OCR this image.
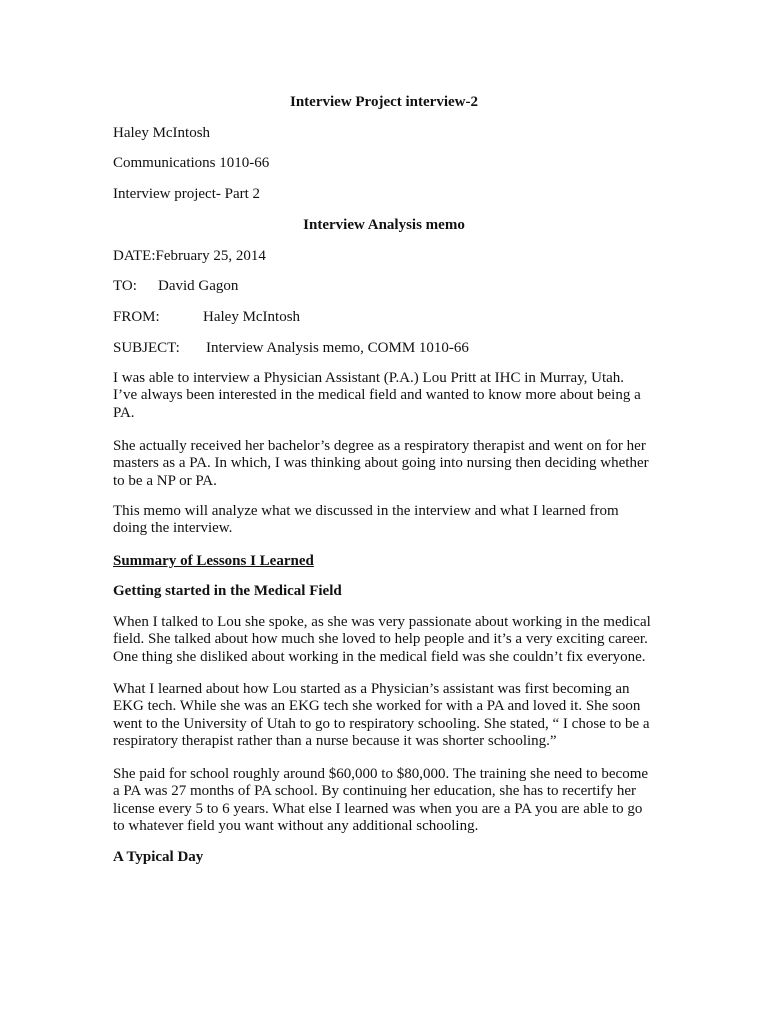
Interview Project interview-2
Haley McIntosh
Communications 1010-66
Interview project- Part 2
Interview Analysis memo
DATE:February 25, 2014
TO: David Gagon
FROM:	Haley McIntosh
SUBJECT: Interview Analysis memo, COMM 1010-66
I was able to interview a Physician Assistant (P.A.) Lou Pritt at IHC in Murray, Utah.
I’ve always been interested in the medical field and wanted to know more about being a
PA.
She actually received her bachelor’s degree as a respiratory therapist and went on for her
masters as a PA. In which, I was thinking about going into nursing then deciding whether
to be a NP or PA.
This memo will analyze what we discussed in the interview and what I learned from
doing the interview.
Summary of Lessons I Learned
Getting started in the Medical Field
When I talked to Lou she spoke, as she was very passionate about working in the medical
field. She talked about how much she loved to help people and it’s a very exciting career.
One thing she disliked about working in the medical field was she couldn’t fix everyone.
What I learned about how Lou started as a Physician’s assistant was first becoming an
EKG tech. While she was an EKG tech she worked for with a PA and loved it. She soon
went to the University of Utah to go to respiratory schooling. She stated, “ I chose to be a
respiratory therapist rather than a nurse because it was shorter schooling.”
She paid for school roughly around $60,000 to $80,000. The training she need to become
a PA was 27 months of PA school. By continuing her education, she has to recertify her
license every 5 to 6 years. What else I learned was when you are a PA you are able to go
to whatever field you want without any additional schooling.
A Typical Day
